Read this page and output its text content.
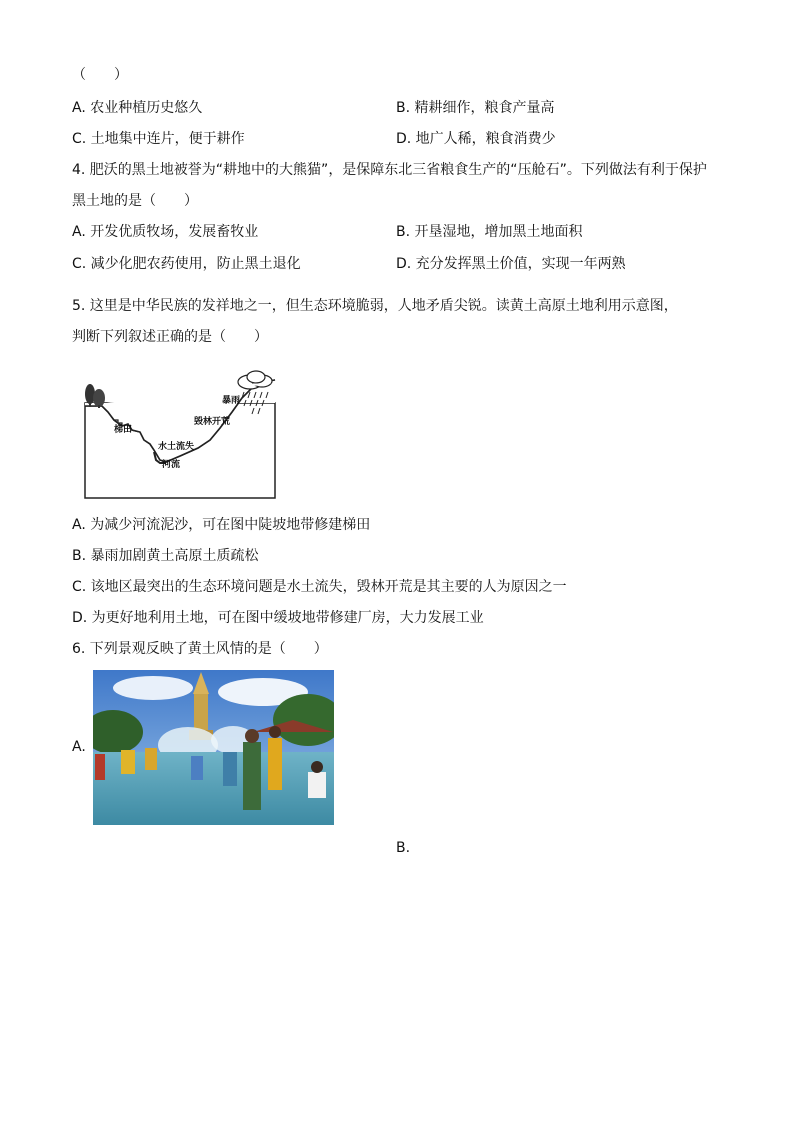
（　　）
A. 农业种植历史悠久	B. 精耕细作，粮食产量高
C. 土地集中连片，便于耕作	D. 地广人稀，粮食消费少
4. 肥沃的黑土地被誉为“耕地中的大熊猫”，是保障东北三省粮食生产的“压舱石”。下列做法有利于保护
黑土地的是（　　）
A. 开发优质牧场，发展畜牧业	B. 开垦湿地，增加黑土地面积
C. 减少化肥农药使用，防止黑土退化	D. 充分发挥黑土价值，实现一年两熟
5. 这里是中华民族的发祥地之一，但生态环境脆弱，人地矛盾尖锐。读黄土高原土地利用示意图，
判断下列叙述正确的是（　　）
暴雨
毁林开荒
梯田
水土流失
河流
A. 为减少河流泥沙，可在图中陡坡地带修建梯田
B. 暴雨加剧黄土高原土质疏松
C. 该地区最突出的生态环境问题是水土流失，毁林开荒是其主要的人为原因之一
D. 为更好地利用土地，可在图中缓坡地带修建厂房，大力发展工业
6. 下列景观反映了黄土风情的是（　　）
A.
B.
